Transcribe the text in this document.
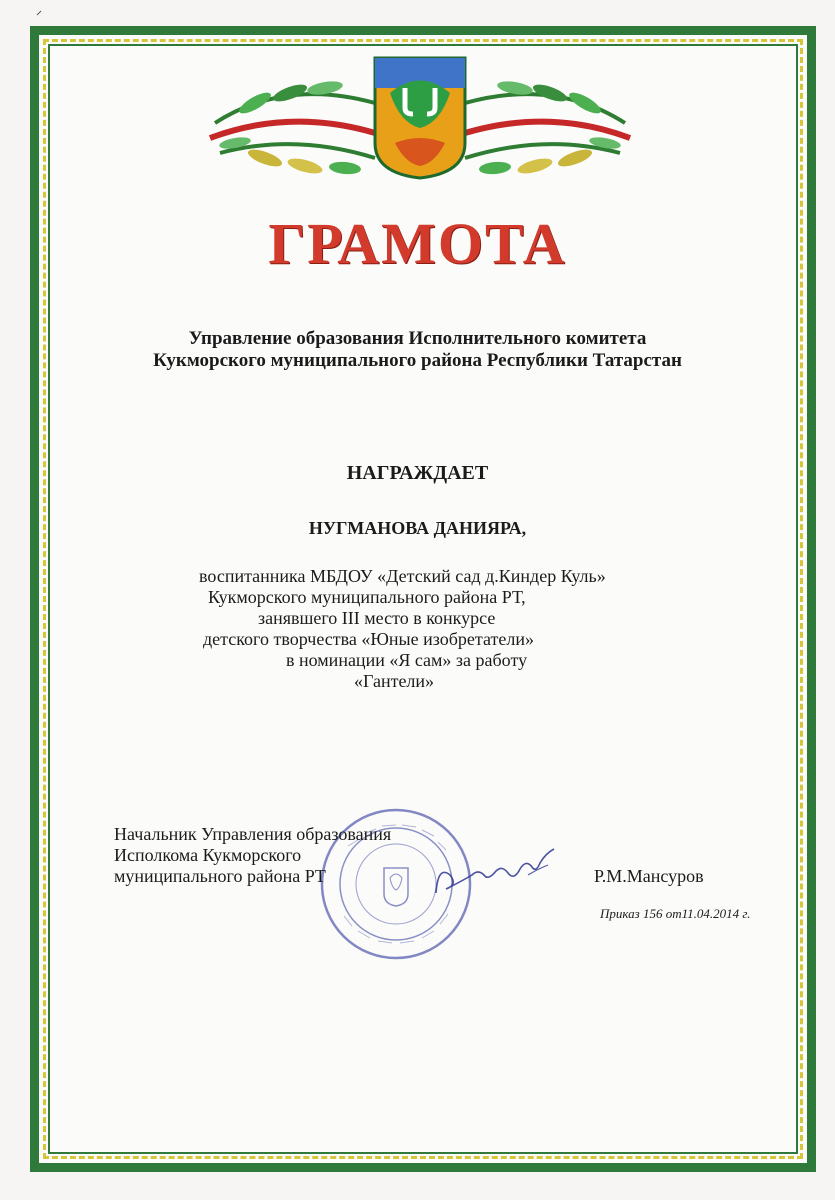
ГРАМОТА
Управление образования Исполнительного комитета
Кукморского муниципального района Республики Татарстан
НАГРАЖДАЕТ
НУГМАНОВА ДАНИЯРА,
воспитанника МБДОУ «Детский сад д.Киндер Куль»
Кукморского муниципального района РТ,
занявшего III место в конкурсе
детского творчества «Юные изобретатели»
в номинации «Я сам» за работу
«Гантели»
Начальник Управления образования
Исполкома Кукморского
муниципального района РТ	Р.М.Мансуров
Приказ 156 от11.04.2014 г.
